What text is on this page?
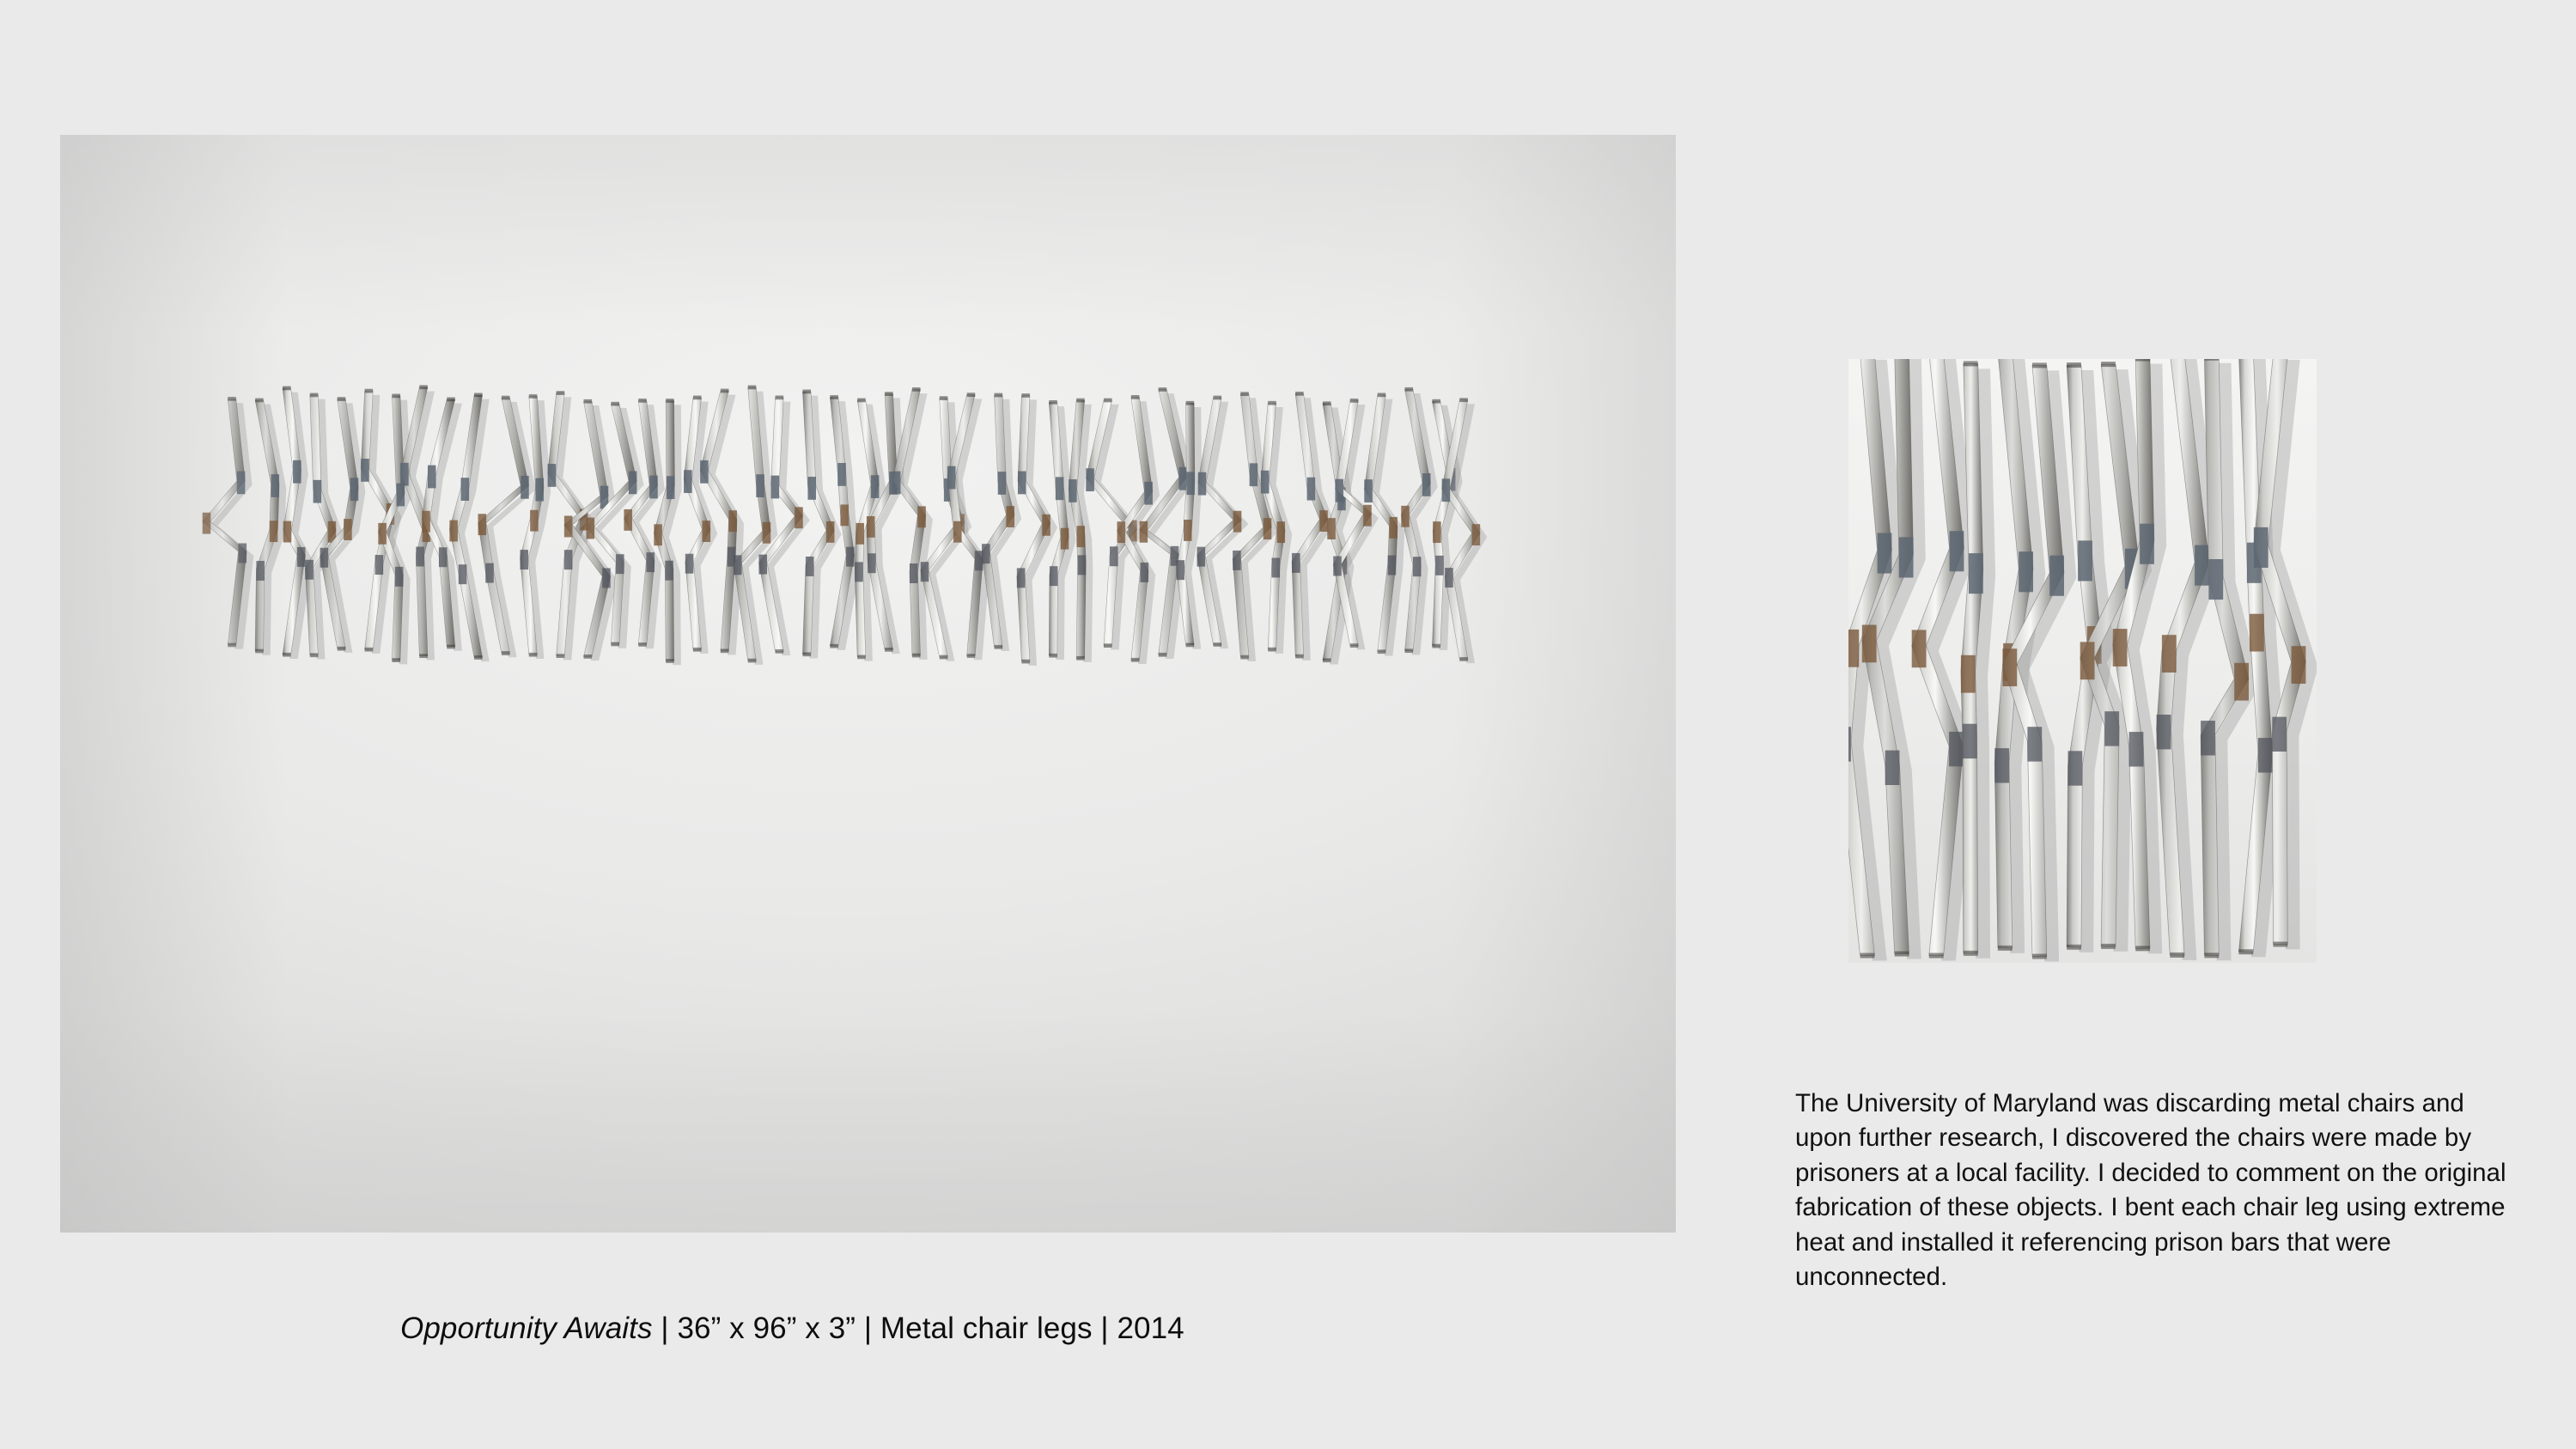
Opportunity Awaits | 36” x 96” x 3” | Metal chair legs | 2014
The University of Maryland was discarding metal chairs and upon further research, I discovered the chairs were made by prisoners at a local facility. I decided to comment on the original fabrication of these objects. I bent each chair leg using extreme heat and installed it referencing prison bars that were unconnected.
